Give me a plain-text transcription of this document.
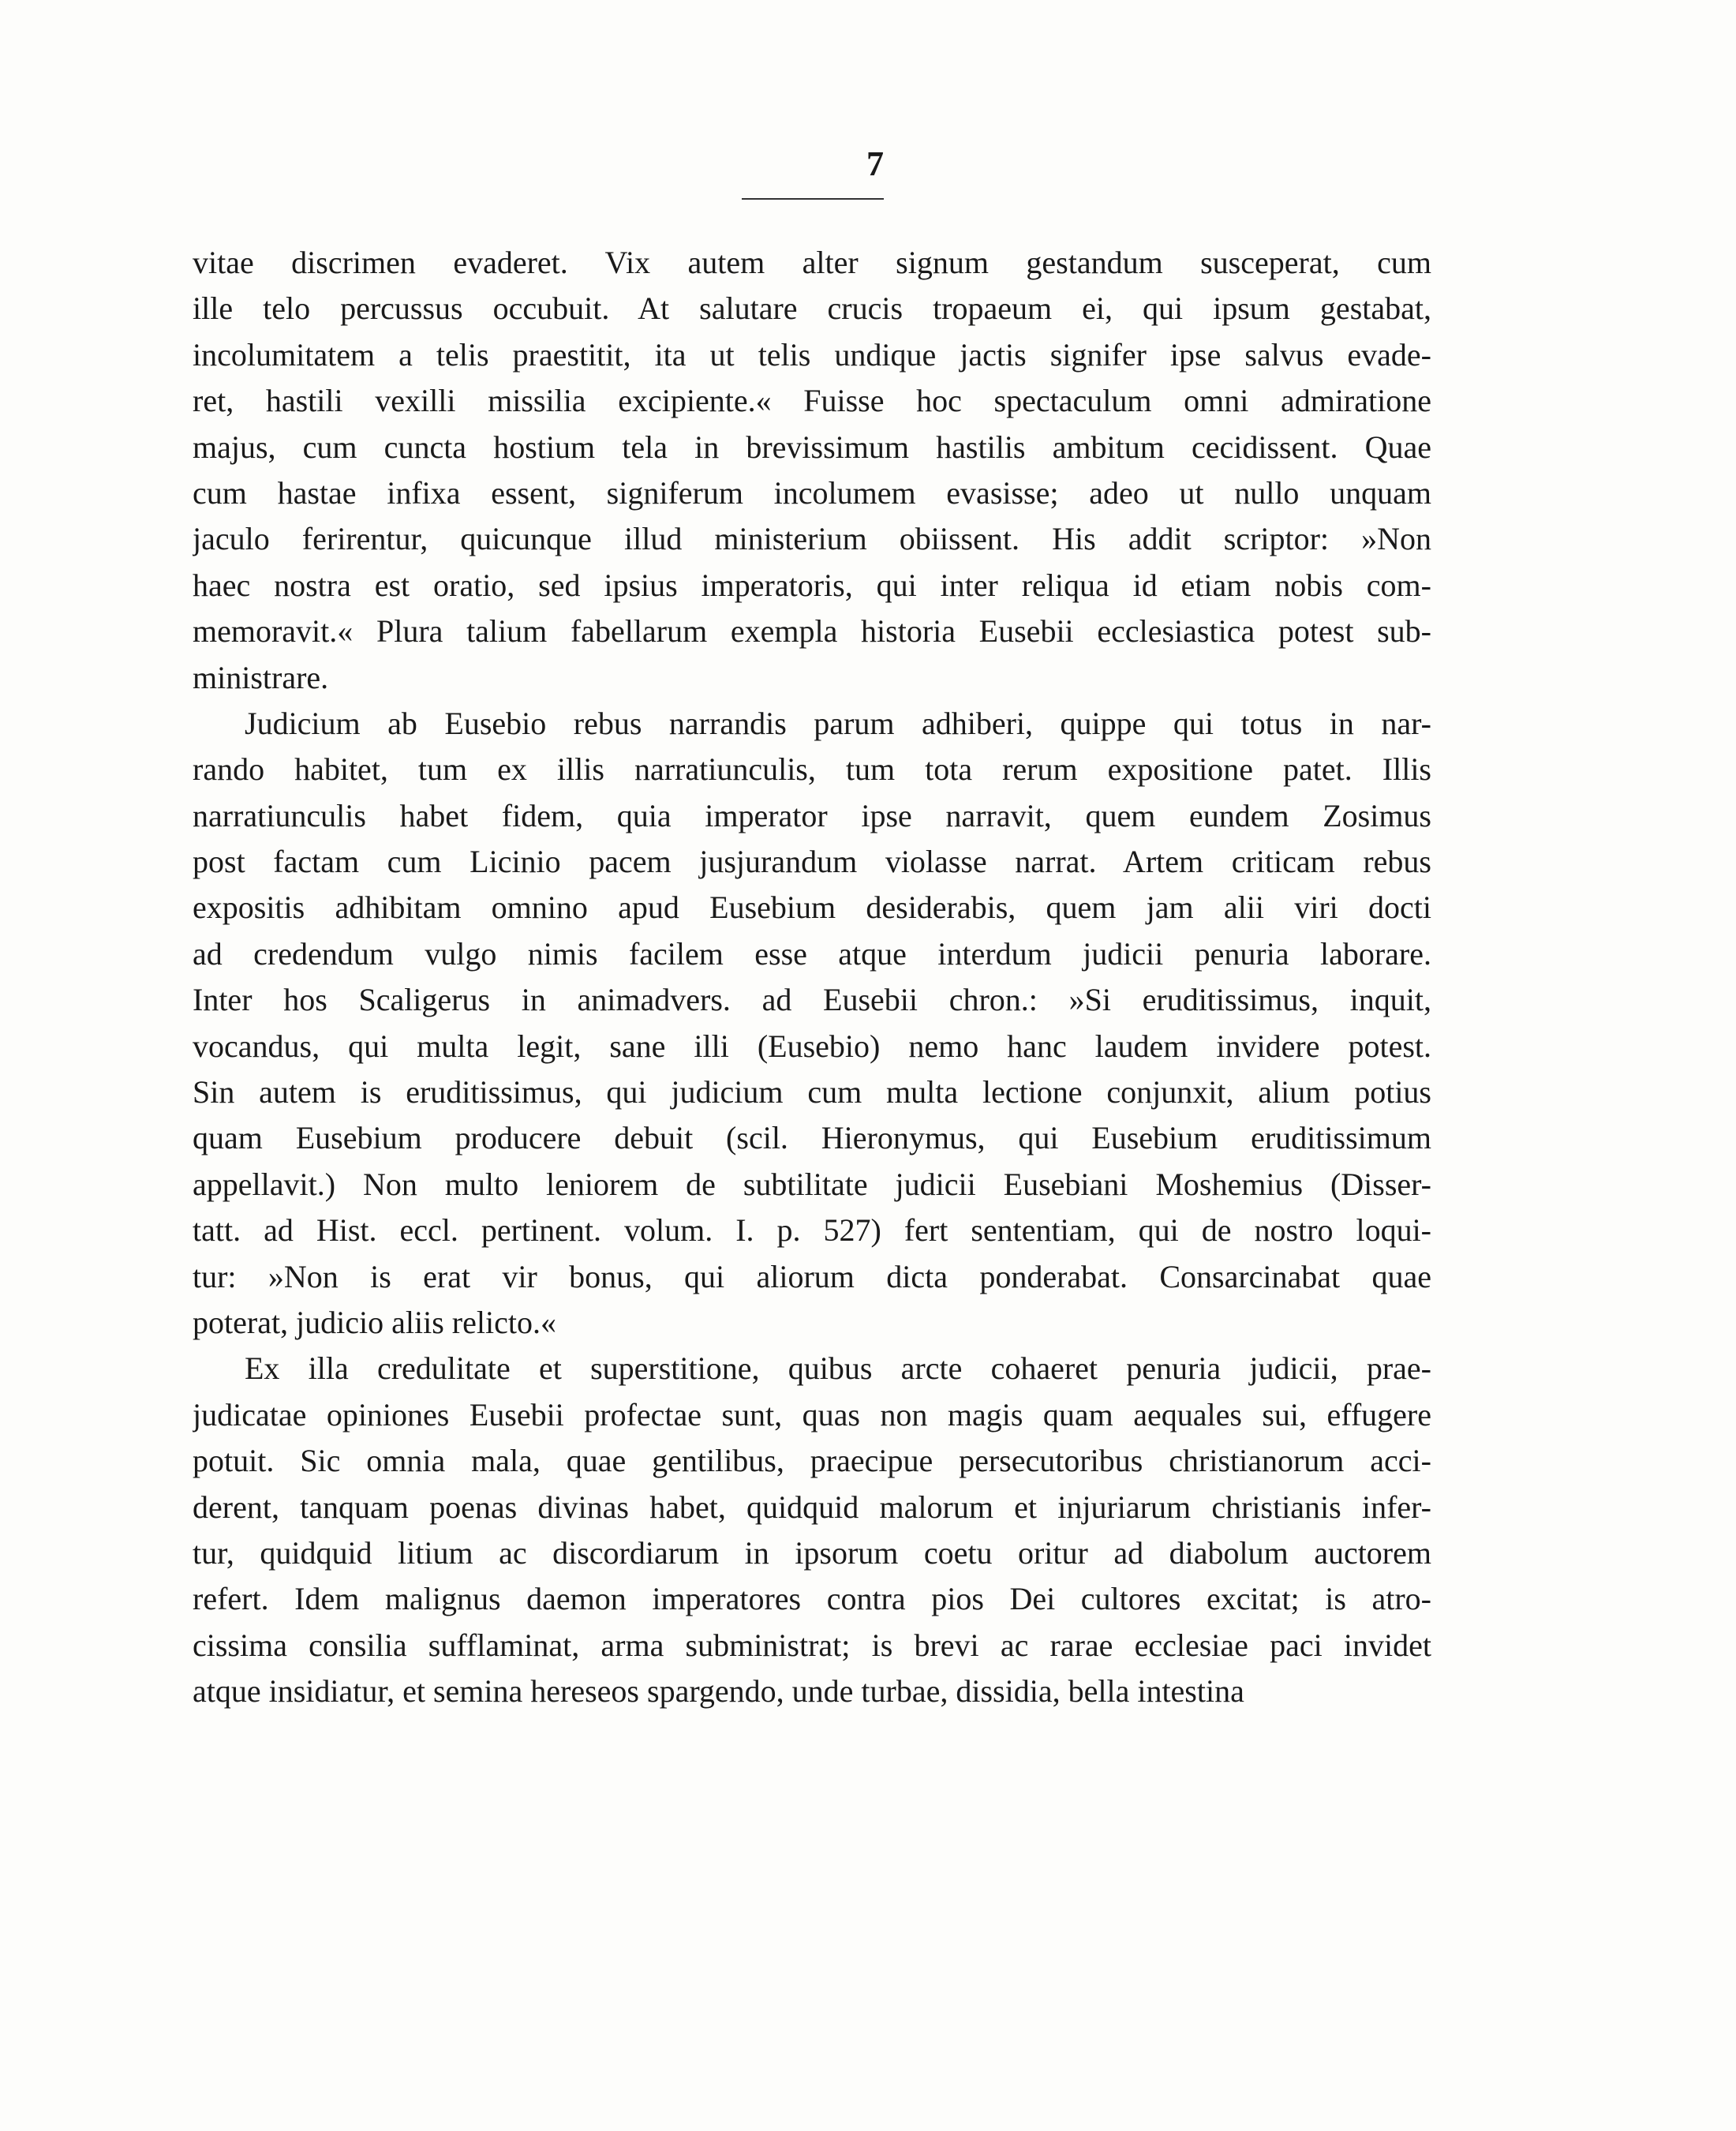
7
vitae discrimen evaderet. Vix autem alter signum gestandum susceperat, cum
ille telo percussus occubuit. At salutare crucis tropaeum ei, qui ipsum gestabat,
incolumitatem a telis praestitit, ita ut telis undique jactis signifer ipse salvus evade-
ret, hastili vexilli missilia excipiente.« Fuisse hoc spectaculum omni admiratione
majus, cum cuncta hostium tela in brevissimum hastilis ambitum cecidissent. Quae
cum hastae infixa essent, signiferum incolumem evasisse; adeo ut nullo unquam
jaculo ferirentur, quicunque illud ministerium obiissent. His addit scriptor: »Non
haec nostra est oratio, sed ipsius imperatoris, qui inter reliqua id etiam nobis com-
memoravit.« Plura talium fabellarum exempla historia Eusebii ecclesiastica potest sub-
ministrare.
Judicium ab Eusebio rebus narrandis parum adhiberi, quippe qui totus in nar-
rando habitet, tum ex illis narratiunculis, tum tota rerum expositione patet. Illis
narratiunculis habet fidem, quia imperator ipse narravit, quem eundem Zosimus
post factam cum Licinio pacem jusjurandum violasse narrat. Artem criticam rebus
expositis adhibitam omnino apud Eusebium desiderabis, quem jam alii viri docti
ad credendum vulgo nimis facilem esse atque interdum judicii penuria laborare.
Inter hos Scaligerus in animadvers. ad Eusebii chron.: »Si eruditissimus, inquit,
vocandus, qui multa legit, sane illi (Eusebio) nemo hanc laudem invidere potest.
Sin autem is eruditissimus, qui judicium cum multa lectione conjunxit, alium potius
quam Eusebium producere debuit (scil. Hieronymus, qui Eusebium eruditissimum
appellavit.) Non multo leniorem de subtilitate judicii Eusebiani Moshemius (Disser-
tatt. ad Hist. eccl. pertinent. volum. I. p. 527) fert sententiam, qui de nostro loqui-
tur: »Non is erat vir bonus, qui aliorum dicta ponderabat. Consarcinabat quae
poterat, judicio aliis relicto.«
Ex illa credulitate et superstitione, quibus arcte cohaeret penuria judicii, prae-
judicatae opiniones Eusebii profectae sunt, quas non magis quam aequales sui, effugere
potuit. Sic omnia mala, quae gentilibus, praecipue persecutoribus christianorum acci-
derent, tanquam poenas divinas habet, quidquid malorum et injuriarum christianis infer-
tur, quidquid litium ac discordiarum in ipsorum coetu oritur ad diabolum auctorem
refert. Idem malignus daemon imperatores contra pios Dei cultores excitat; is atro-
cissima consilia sufflaminat, arma subministrat; is brevi ac rarae ecclesiae paci invidet
atque insidiatur, et semina hereseos spargendo, unde turbae, dissidia, bella intestina
